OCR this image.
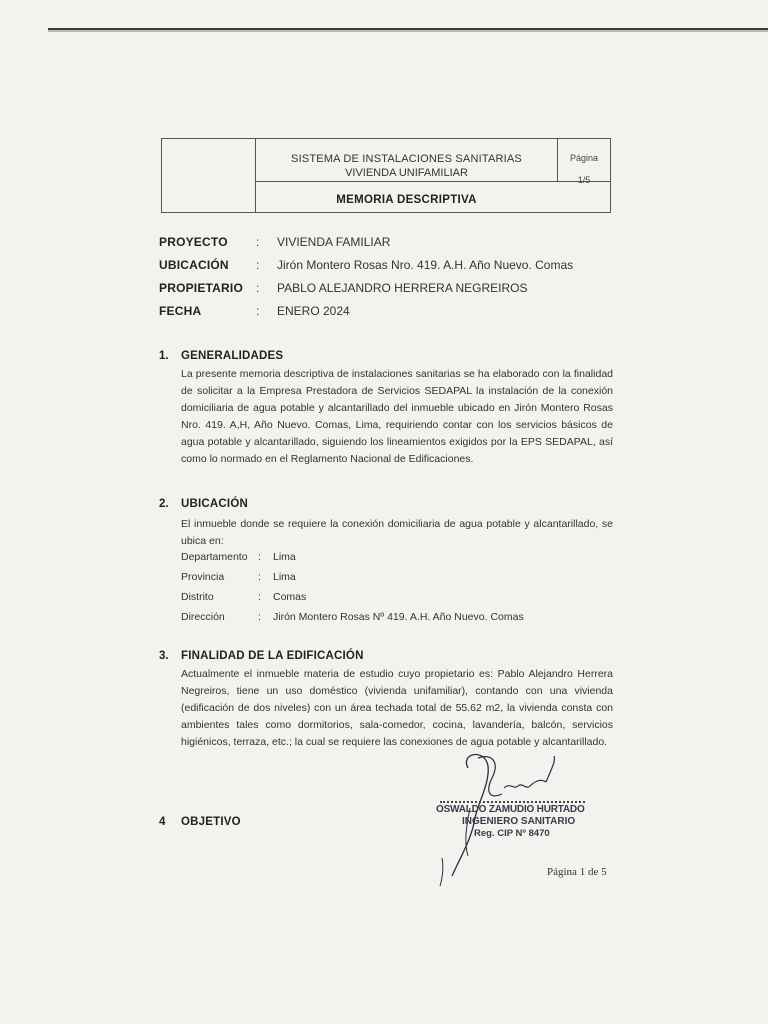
SISTEMA DE INSTALACIONES SANITARIAS
VIVIENDA UNIFAMILIAR
Página
1/5
MEMORIA DESCRIPTIVA
PROYECTO : VIVIENDA FAMILIAR
UBICACIÓN : Jirón Montero Rosas Nro. 419. A.H. Año Nuevo. Comas
PROPIETARIO : PABLO ALEJANDRO HERRERA NEGREIROS
FECHA	: ENERO 2024
1. GENERALIDADES
La presente memoria descriptiva de instalaciones sanitarias se ha elaborado con la finalidad de solicitar a la Empresa Prestadora de Servicios SEDAPAL la instalación de la conexión domiciliaria de agua potable y alcantarillado del inmueble ubicado en Jirón Montero Rosas Nro. 419. A,H, Año Nuevo. Comas, Lima, requiriendo contar con los servicios básicos de agua potable y alcantarillado, siguiendo los lineamientos exigidos por la EPS SEDAPAL, así como lo normado en el Reglamento Nacional de Edificaciones.
2. UBICACIÓN
El inmueble donde se requiere la conexión domiciliaria de agua potable y alcantarillado, se ubica en:
Departamento : Lima
Provincia	: Lima
Distrito	: Comas
Dirección	: Jirón Montero Rosas Nº 419. A.H. Año Nuevo. Comas
3. FINALIDAD DE LA EDIFICACIÓN
Actualmente el inmueble materia de estudio cuyo propietario es: Pablo Alejandro Herrera Negreiros, tiene un uso doméstico (vivienda unifamiliar), contando con una vivienda (edificación de dos niveles) con un área techada total de 55.62 m2, la vivienda consta con ambientes tales como dormitorios, sala-comedor, cocina, lavandería, balcón, servicios higiénicos, terraza, etc.; la cual se requiere las conexiones de agua potable y alcantarillado.
4 OBJETIVO
OSWALDO ZAMUDIO HURTADO
INGENIERO SANITARIO
Reg. CIP Nº 8470
Página 1 de 5
